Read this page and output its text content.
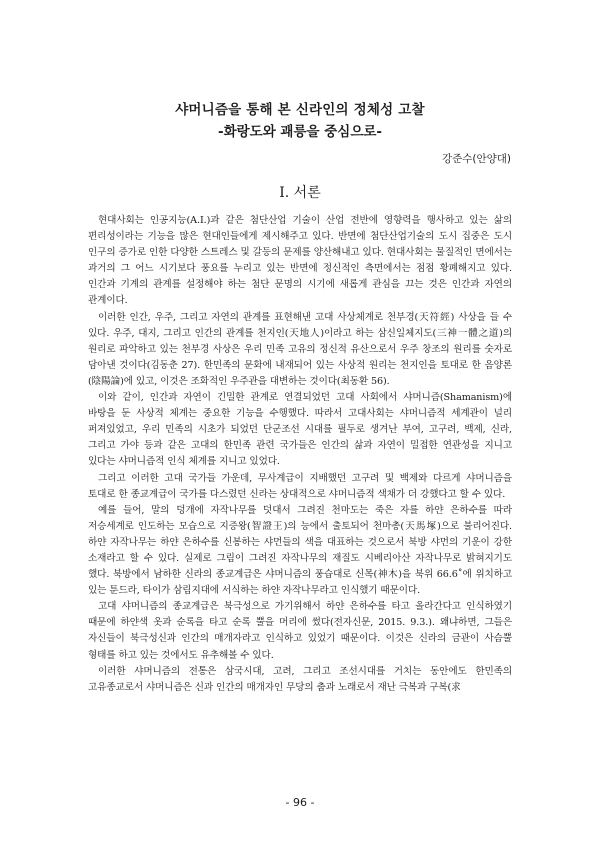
샤머니즘을 통해 본 신라인의 정체성 고찰
-화랑도와 괘릉을 중심으로-
강준수(안양대)
Ⅰ. 서론

현대사회는 인공지능(A.I.)과 같은 첨단산업 기술이 산업 전반에 영향력을 행사하고 있는 삶의 편리성이라는 기능을 많은 현대인들에게 제시해주고 있다. 반면에 첨단산업기술의 도시 집중은 도시 인구의 증가로 인한 다양한 스트레스 및 갈등의 문제를 양산해내고 있다. 현대사회는 물질적인 면에서는 과거의 그 어느 시기보다 풍요를 누리고 있는 반면에 정신적인 측면에서는 점점 황폐해지고 있다. 인간과 기계의 관계를 설정해야 하는 첨단 문명의 시기에 새롭게 관심을 끄는 것은 인간과 자연의 관계이다.

이러한 인간, 우주, 그리고 자연의 관계를 표현해낸 고대 사상체계로 천부경(天符經) 사상을 들 수 있다. 우주, 대지, 그리고 인간의 관계를 천지인(天地人)이라고 하는 삼신일체지도(三神一體之道)의 원리로 파악하고 있는 천부경 사상은 우리 민족 고유의 정신적 유산으로서 우주 창조의 원리를 숫자로 담아낸 것이다(김동춘 27). 한민족의 문화에 내재되어 있는 사상적 원리는 천지인을 토대로 한 음양론(陰陽論)에 있고, 이것은 조화적인 우주관을 대변하는 것이다(최동환 56).

이와 같이, 인간과 자연이 긴밀한 관계로 연결되었던 고대 사회에서 샤머니즘(Shamanism)에 바탕을 둔 사상적 체계는 중요한 기능을 수행했다. 따라서 고대사회는 샤머니즘적 세계관이 널리 퍼져있었고, 우리 민족의 시초가 되었던 단군조선 시대를 필두로 생겨난 부여, 고구려, 백제, 신라, 그리고 가야 등과 같은 고대의 한민족 관련 국가들은 인간의 삶과 자연이 밀접한 연관성을 지니고 있다는 샤머니즘적 인식 체계를 지니고 있었다.

그리고 이러한 고대 국가들 가운데, 무사계급이 지배했던 고구려 및 백제와 다르게 샤머니즘을 토대로 한 종교계급이 국가를 다스렸던 신라는 상대적으로 샤머니즘적 색채가 더 강했다고 할 수 있다.

예를 들어, 말의 덩개에 자작나무를 덧대서 그려진 천마도는 죽은 자를 하얀 은하수를 따라 저승세계로 인도하는 모습으로 지증왕(智證王)의 능에서 출토되어 천마총(天馬塚)으로 불리어진다. 하얀 자작나무는 하얀 은하수를 신봉하는 샤먼들의 색을 대표하는 것으로서 북방 샤먼의 기운이 강한 소재라고 할 수 있다. 실제로 그림이 그려진 자작나무의 재질도 시베리아산 자작나무로 밝혀지기도 했다. 북방에서 남하한 신라의 종교계급은 샤머니즘의 풍습대로 신목(神木)을 북위 66.6˚에 위치하고 있는 툰드라, 타이가 삼림지대에 서식하는 하얀 자작나무라고 인식했기 때문이다.

고대 샤머니즘의 종교계급은 북극성으로 가기위해서 하얀 은하수를 타고 올라간다고 인식하였기 때문에 하얀색 옷과 순록을 타고 순록 뿔을 머리에 썼다(전자신문, 2015. 9.3.). 왜냐하면, 그들은 자신들이 북극성신과 인간의 매개자라고 인식하고 있었기 때문이다. 이것은 신라의 금관이 사슴뿔 형태를 하고 있는 것에서도 유추해볼 수 있다.

이러한 샤머니즘의 전통은 삼국시대, 고려, 그리고 조선시대를 거치는 동안에도 한민족의 고유종교로서 샤머니즘은 신과 인간의 매개자인 무당의 춤과 노래로서 재난 극복과 구복(求

- 96 -
